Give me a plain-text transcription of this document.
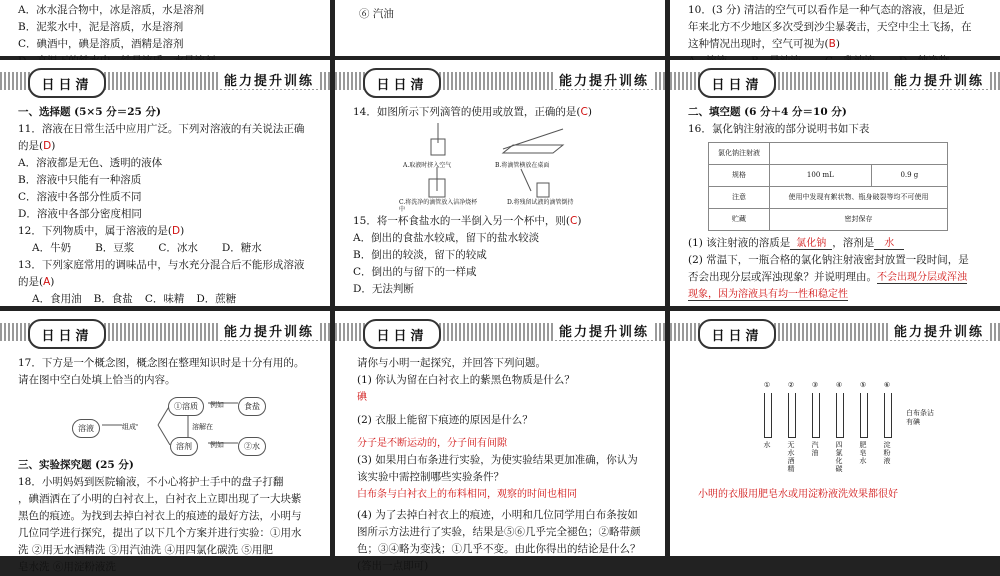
A．冰水混合物中，冰是溶质，水是溶剂
B．泥浆水中，泥是溶质，水是溶剂
C．碘酒中，碘是溶质，酒精是溶剂
⑥ 汽油	10．(3 分) 清洁的空气可以看作是一种气态的溶液，但是近
年来北方不少地区多次受到沙尘暴袭击，天空中尘土飞扬，在
这种情况出现时，空气可视为(B)
日日清	能力提升训练
一、选择题 (5×5 分＝25 分)
11．溶液在日常生活中应用广泛。下列对溶液的有关说法正确
的是(D)
A．溶液都是无色、透明的液体
B．溶液中只能有一种溶质
C．溶液中各部分性质不同
D．溶液中各部分密度相同
12．下列物质中，属于溶液的是(D)
A．牛奶 B．豆浆 C．冰水 D．糖水
13．下列家庭常用的调味品中，与水充分混合后不能形成溶液
的是(A)
A．食用油 B．食盐 C．味精 D．蔗糖
日日清	能力提升训练
14．如图所示下列滴管的使用或放置，正确的是(C)
A.取液时挤入空气	B.将滴管横放在桌面
C.将洗净的滴管放入洁净烧杯中
D.将残留试液的滴管倒持
15．将一杯食盐水的一半倒入另一个杯中，则(C)
A．倒出的食盐水较咸，留下的盐水较淡
B．倒出的较淡，留下的较咸
C．倒出的与留下的一样咸
D．无法判断
日日清	能力提升训练
二、填空题 (6 分＋4 分＝10 分)
16．氯化钠注射液的部分说明书如下表
氯化钠注射液		
规格	100 mL	0.9 g
注意	使用中发现有絮状物、瓶身破裂等均不可使用	
贮藏	密封保存	
(1) 该注射液的溶质是 氯化钠 ，溶剂是 水
(2) 常温下，一瓶合格的氯化钠注射液密封放置一段时间，是
否会出现分层或浑浊现象？并说明理由。不会出现分层或浑浊
现象，因为溶液具有均一性和稳定性
日日清	能力提升训练
17．下方是一个概念图，概念图在整理知识时是十分有用的。
请在图中空白处填上恰当的内容。
溶液	组成
①溶质	例如	食盐
溶解在
溶剂	例如	②水
三、实验探究题 (25 分)
18．小明妈妈到医院输液，不小心将护士手中的盘子打翻
，碘酒洒在了小明的白衬衣上，白衬衣上立即出现了一大块紫
黑色的痕迹。为找到去掉白衬衣上的痕迹的最好方法，小明与
几位同学进行探究，提出了以下几个方案并进行实验：①用水
洗 ②用无水酒精洗 ③用汽油洗 ④用四氯化碳洗 ⑤用肥
皂水洗 ⑥用淀粉液洗
日日清	能力提升训练
请你与小明一起探究，并回答下列问题。
(1) 你认为留在白衬衣上的紫黑色物质是什么？
碘
(2) 衣服上能留下痕迹的原因是什么？
分子是不断运动的，分子间有间隙
(3) 如果用白布条进行实验，为使实验结果更加准确，你认为
该实验中需控制哪些实验条件？
白布条与白衬衣上的布料相同，观察的时间也相同
(4) 为了去掉白衬衣上的痕迹，小明和几位同学用白布条按如
图所示方法进行了实验，结果是⑤⑥几乎完全褪色；②略带颜
色；③④略为变浅；①几乎不变。由此你得出的结论是什么？
(答出一点即可)
日日清	能力提升训练
①	②	③	④	⑤	⑥
水 无水酒精
汽油
四氯化碳
肥皂水
淀粉液
白布条沾有碘
小明的衣服用肥皂水或用淀粉液洗效果都很好
